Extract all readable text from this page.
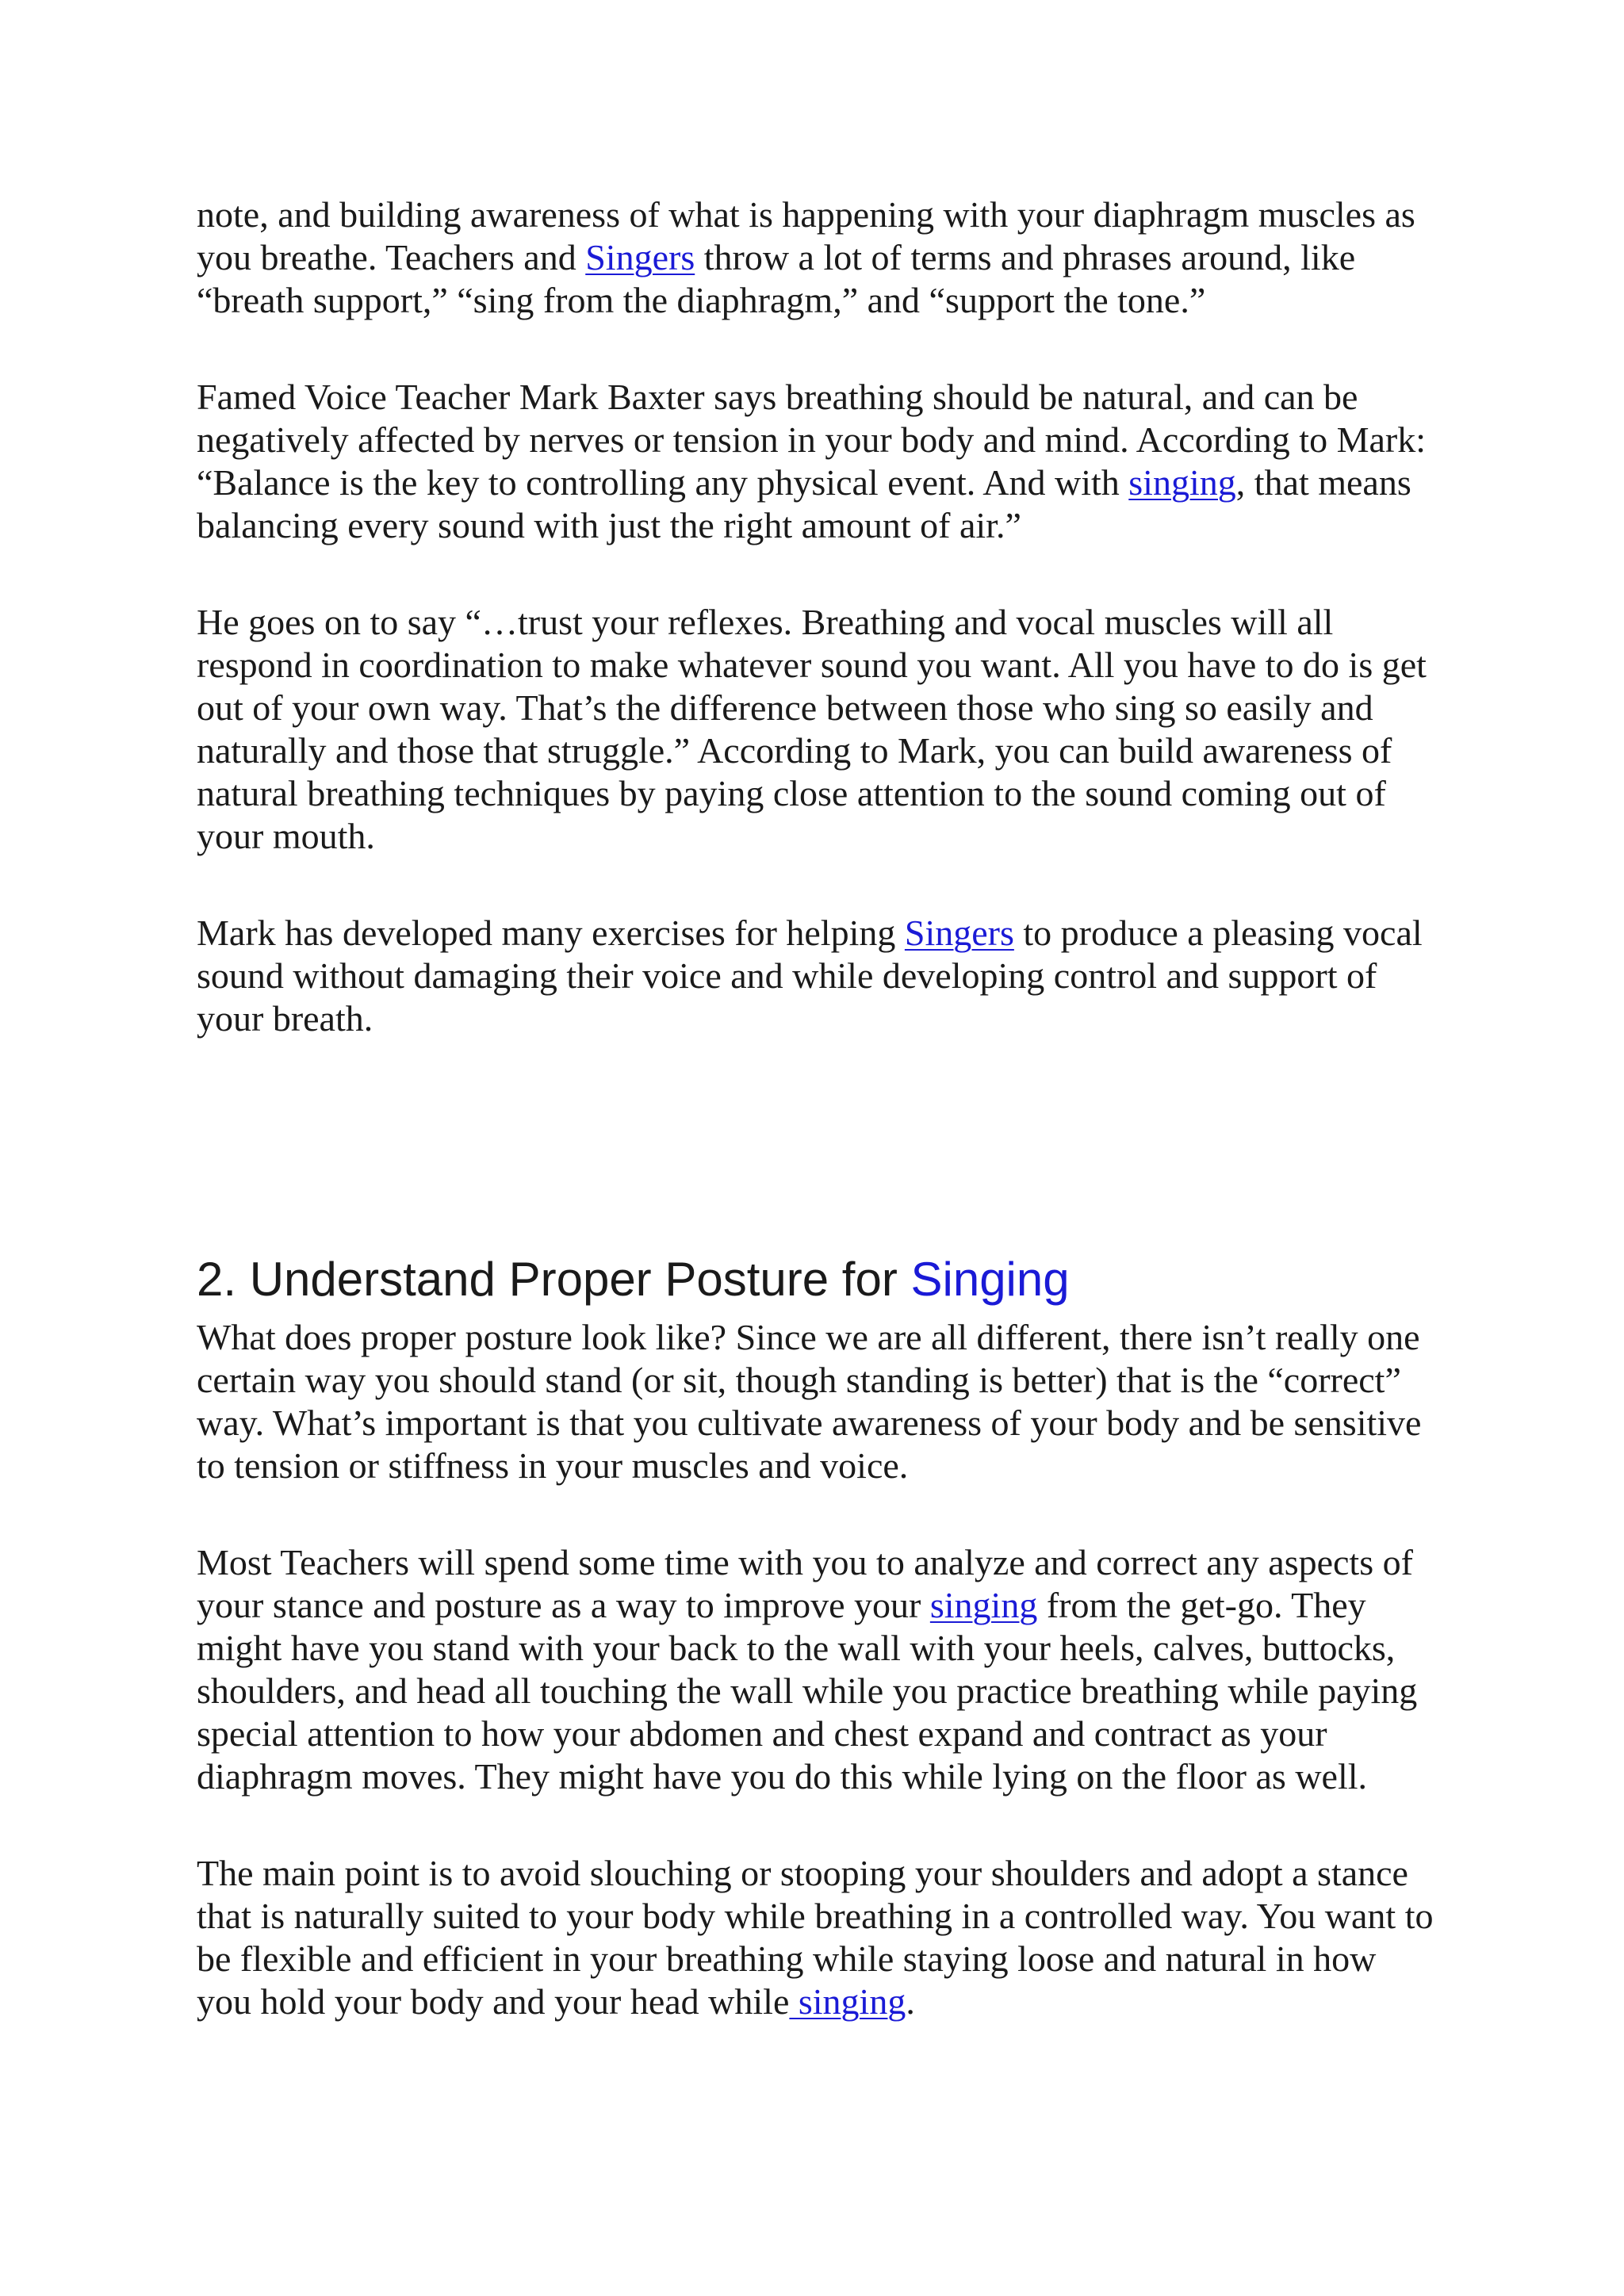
note, and building awareness of what is happening with your diaphragm muscles as you breathe. Teachers and Singers throw a lot of terms and phrases around, like “breath support,” “sing from the diaphragm,” and “support the tone.”

Famed Voice Teacher Mark Baxter says breathing should be natural, and can be negatively affected by nerves or tension in your body and mind. According to Mark: “Balance is the key to controlling any physical event. And with singing, that means balancing every sound with just the right amount of air.”

He goes on to say “…trust your reflexes. Breathing and vocal muscles will all respond in coordination to make whatever sound you want. All you have to do is get out of your own way. That’s the difference between those who sing so easily and naturally and those that struggle.” According to Mark, you can build awareness of natural breathing techniques by paying close attention to the sound coming out of your mouth.

Mark has developed many exercises for helping Singers to produce a pleasing vocal sound without damaging their voice and while developing control and support of your breath.

2. Understand Proper Posture for Singing

What does proper posture look like? Since we are all different, there isn’t really one certain way you should stand (or sit, though standing is better) that is the “correct” way. What’s important is that you cultivate awareness of your body and be sensitive to tension or stiffness in your muscles and voice.

Most Teachers will spend some time with you to analyze and correct any aspects of your stance and posture as a way to improve your singing from the get-go. They might have you stand with your back to the wall with your heels, calves, buttocks, shoulders, and head all touching the wall while you practice breathing while paying special attention to how your abdomen and chest expand and contract as your diaphragm moves. They might have you do this while lying on the floor as well.

The main point is to avoid slouching or stooping your shoulders and adopt a stance that is naturally suited to your body while breathing in a controlled way. You want to be flexible and efficient in your breathing while staying loose and natural in how you hold your body and your head while singing.
